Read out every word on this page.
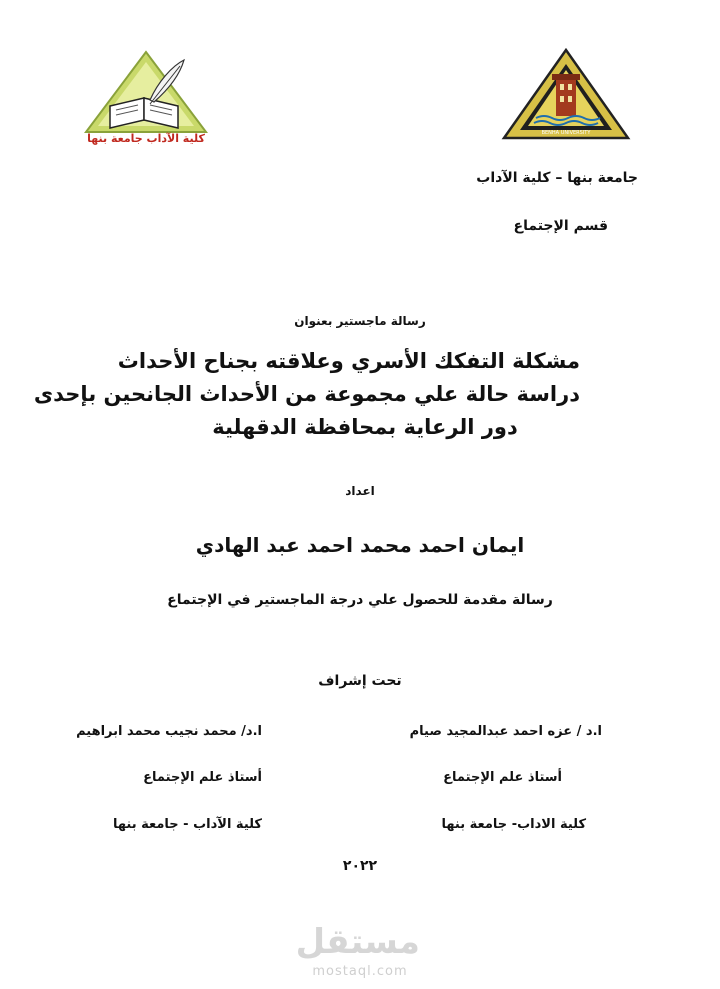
كلية الآداب جامعة بنها	BENHA UNIVERSITY
جامعة بنها – كلية الآداب
قسم الإجتماع
رسالة ماجستير بعنوان
مشكلة التفكك الأسري وعلاقته بجناح الأحداث
دراسة حالة علي مجموعة من الأحداث الجانحين بإحدى
دور الرعاية بمحافظة الدقهلية
اعداد
ايمان احمد محمد احمد عبد الهادي
رسالة مقدمة للحصول علي درجة الماجستير في الإجتماع
تحت إشراف
ا.د / عزه احمد عبدالمجيد صيام
أستاذ علم الإجتماع
كلية الاداب- جامعة بنها
ا.د/ محمد نجيب محمد ابراهيم
أستاذ علم الإجتماع
كلية الآداب - جامعة بنها
٢٠٢٢
مستقل
mostaql.com
